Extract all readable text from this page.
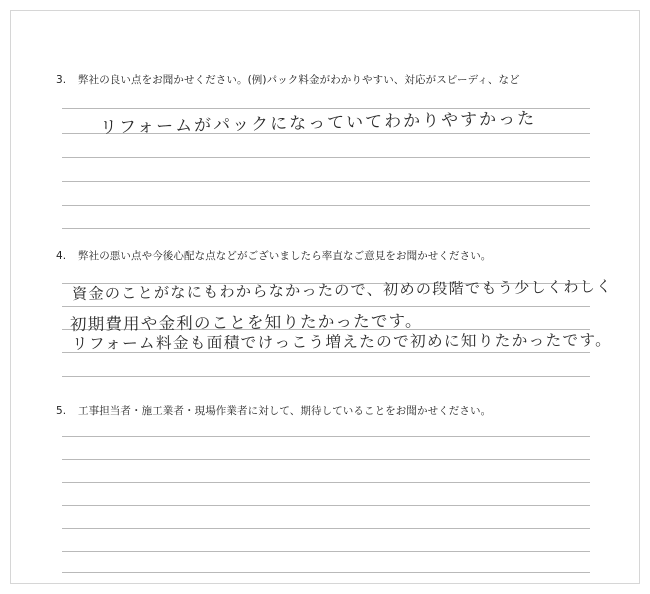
3. 弊社の良い点をお聞かせください。(例)パック料金がわかりやすい、対応がスピーディ、など
リフォームがパックになっていてわかりやすかった
4. 弊社の悪い点や今後心配な点などがございましたら率直なご意見をお聞かせください。
資金のことがなにもわからなかったので、初めの段階でもう少しくわしく
初期費用や金利のことを知りたかったです。
リフォーム料金も面積でけっこう増えたので初めに知りたかったです。
5. 工事担当者・施工業者・現場作業者に対して、期待していることをお聞かせください。
